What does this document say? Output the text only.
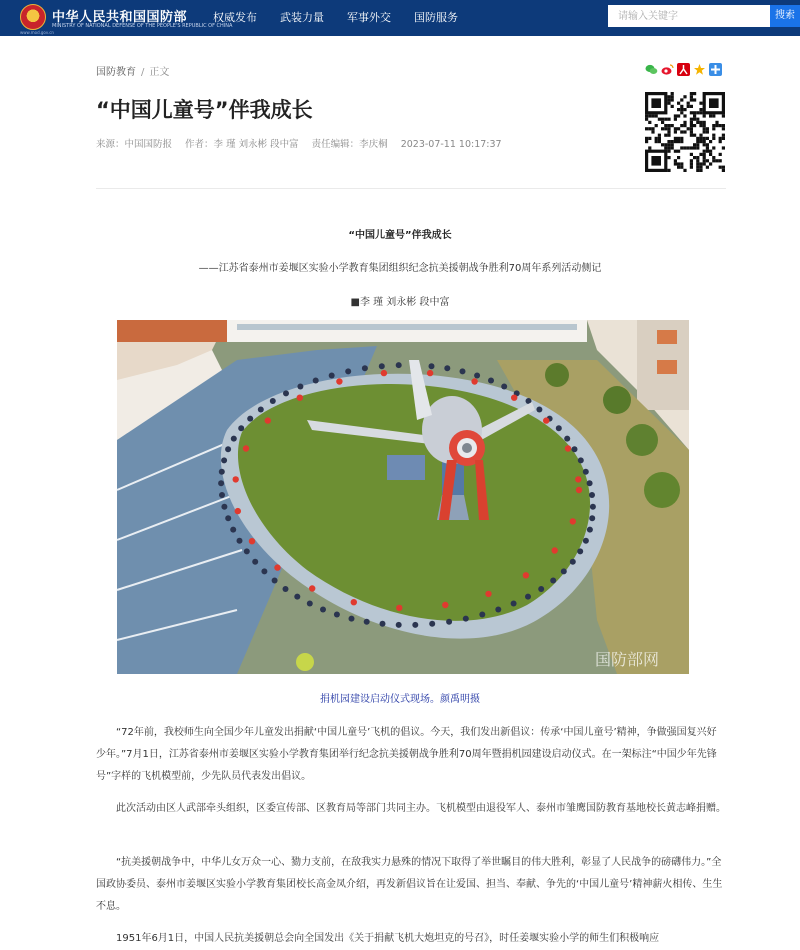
中华人民共和国国防部
MINISTRY OF NATIONAL DEFENSE OF THE PEOPLE'S REPUBLIC OF CHINA
www.mod.gov.cn
权威发布 武装力量 军事外交 国防服务
请输入关键字	搜索
国防教育 / 正文
“中国儿童号”伴我成长
来源：中国国防报 作者：李 瑾 刘永彬 段中富 责任编辑：李庆桐 2023-07-11 10:17:37
“中国儿童号”伴我成长
——江苏省泰州市姜堰区实验小学教育集团组织纪念抗美援朝战争胜利70周年系列活动侧记
■李 瑾 刘永彬 段中富
国防部网
捐机园建设启动仪式现场。颜禹明摄

“72年前，我校师生向全国少年儿童发出捐献‘中国儿童号’飞机的倡议。今天，我们发出新倡议：传承‘中国儿童号’精神，争做强国复兴好少年。”7月1日，江苏省泰州市姜堰区实验小学教育集团举行纪念抗美援朝战争胜利70周年暨捐机园建设启动仪式。在一架标注“中国少年先锋号”字样的飞机模型前，少先队员代表发出倡议。

此次活动由区人武部牵头组织，区委宣传部、区教育局等部门共同主办。飞机模型由退役军人、泰州市雏鹰国防教育基地校长黄志峰捐赠。

“抗美援朝战争中，中华儿女万众一心、勠力支前，在敌我实力悬殊的情况下取得了举世瞩目的伟大胜利，彰显了人民战争的磅礴伟力。”全国政协委员、泰州市姜堰区实验小学教育集团校长高金凤介绍，再发新倡议旨在让爱国、担当、奉献、争先的‘中国儿童号’精神薪火相传、生生不息。

1951年6月1日，中国人民抗美援朝总会向全国发出《关于捐献飞机大炮坦克的号召》，时任姜堰实验小学的师生们积极响应
